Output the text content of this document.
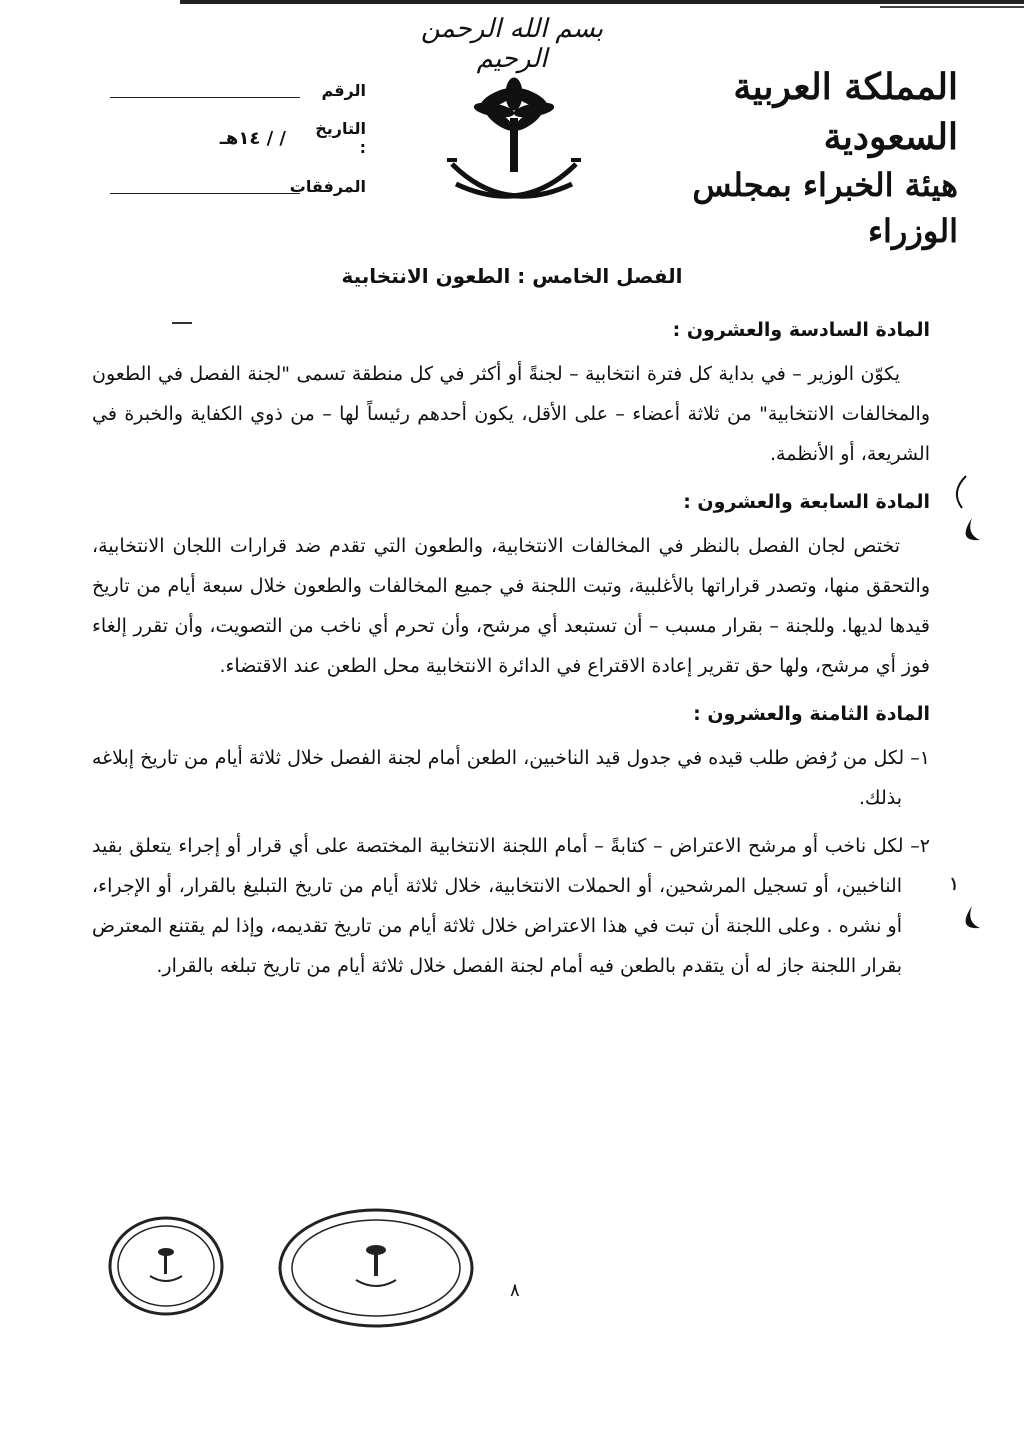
بسم الله الرحمن الرحيم
المملكة العربية السعودية
هيئة الخبراء بمجلس الوزراء
الرقم
التاريخ :
/ / ١٤هـ
المرفقات
الفصل الخامس : الطعون الانتخابية

المادة السادسة والعشرون :

يكوّن الوزير – في بداية كل فترة انتخابية – لجنةً أو أكثر في كل منطقة تسمى "لجنة الفصل في الطعون والمخالفات الانتخابية" من ثلاثة أعضاء – على الأقل، يكون أحدهم رئيساً لها – من ذوي الكفاية والخبرة في الشريعة، أو الأنظمة.

المادة السابعة والعشرون :

تختص لجان الفصل بالنظر في المخالفات الانتخابية، والطعون التي تقدم ضد قرارات اللجان الانتخابية، والتحقق منها، وتصدر قراراتها بالأغلبية، وتبت اللجنة في جميع المخالفات والطعون خلال سبعة أيام من تاريخ قيدها لديها. وللجنة – بقرار مسبب – أن تستبعد أي مرشح، وأن تحرم أي ناخب من التصويت، وأن تقرر إلغاء فوز أي مرشح، ولها حق تقرير إعادة الاقتراع في الدائرة الانتخابية محل الطعن عند الاقتضاء.

المادة الثامنة والعشرون :

١– لكل من رُفض طلب قيده في جدول قيد الناخبين، الطعن أمام لجنة الفصل خلال ثلاثة أيام من تاريخ إبلاغه بذلك.

٢– لكل ناخب أو مرشح الاعتراض – كتابةً – أمام اللجنة الانتخابية المختصة على أي قرار أو إجراء يتعلق بقيد الناخبين، أو تسجيل المرشحين، أو الحملات الانتخابية، خلال ثلاثة أيام من تاريخ التبليغ بالقرار، أو الإجراء، أو نشره . وعلى اللجنة أن تبت في هذا الاعتراض خلال ثلاثة أيام من تاريخ تقديمه، وإذا لم يقتنع المعترض بقرار اللجنة جاز له أن يتقدم بالطعن فيه أمام لجنة الفصل خلال ثلاثة أيام من تاريخ تبلغه بالقرار.

٨
